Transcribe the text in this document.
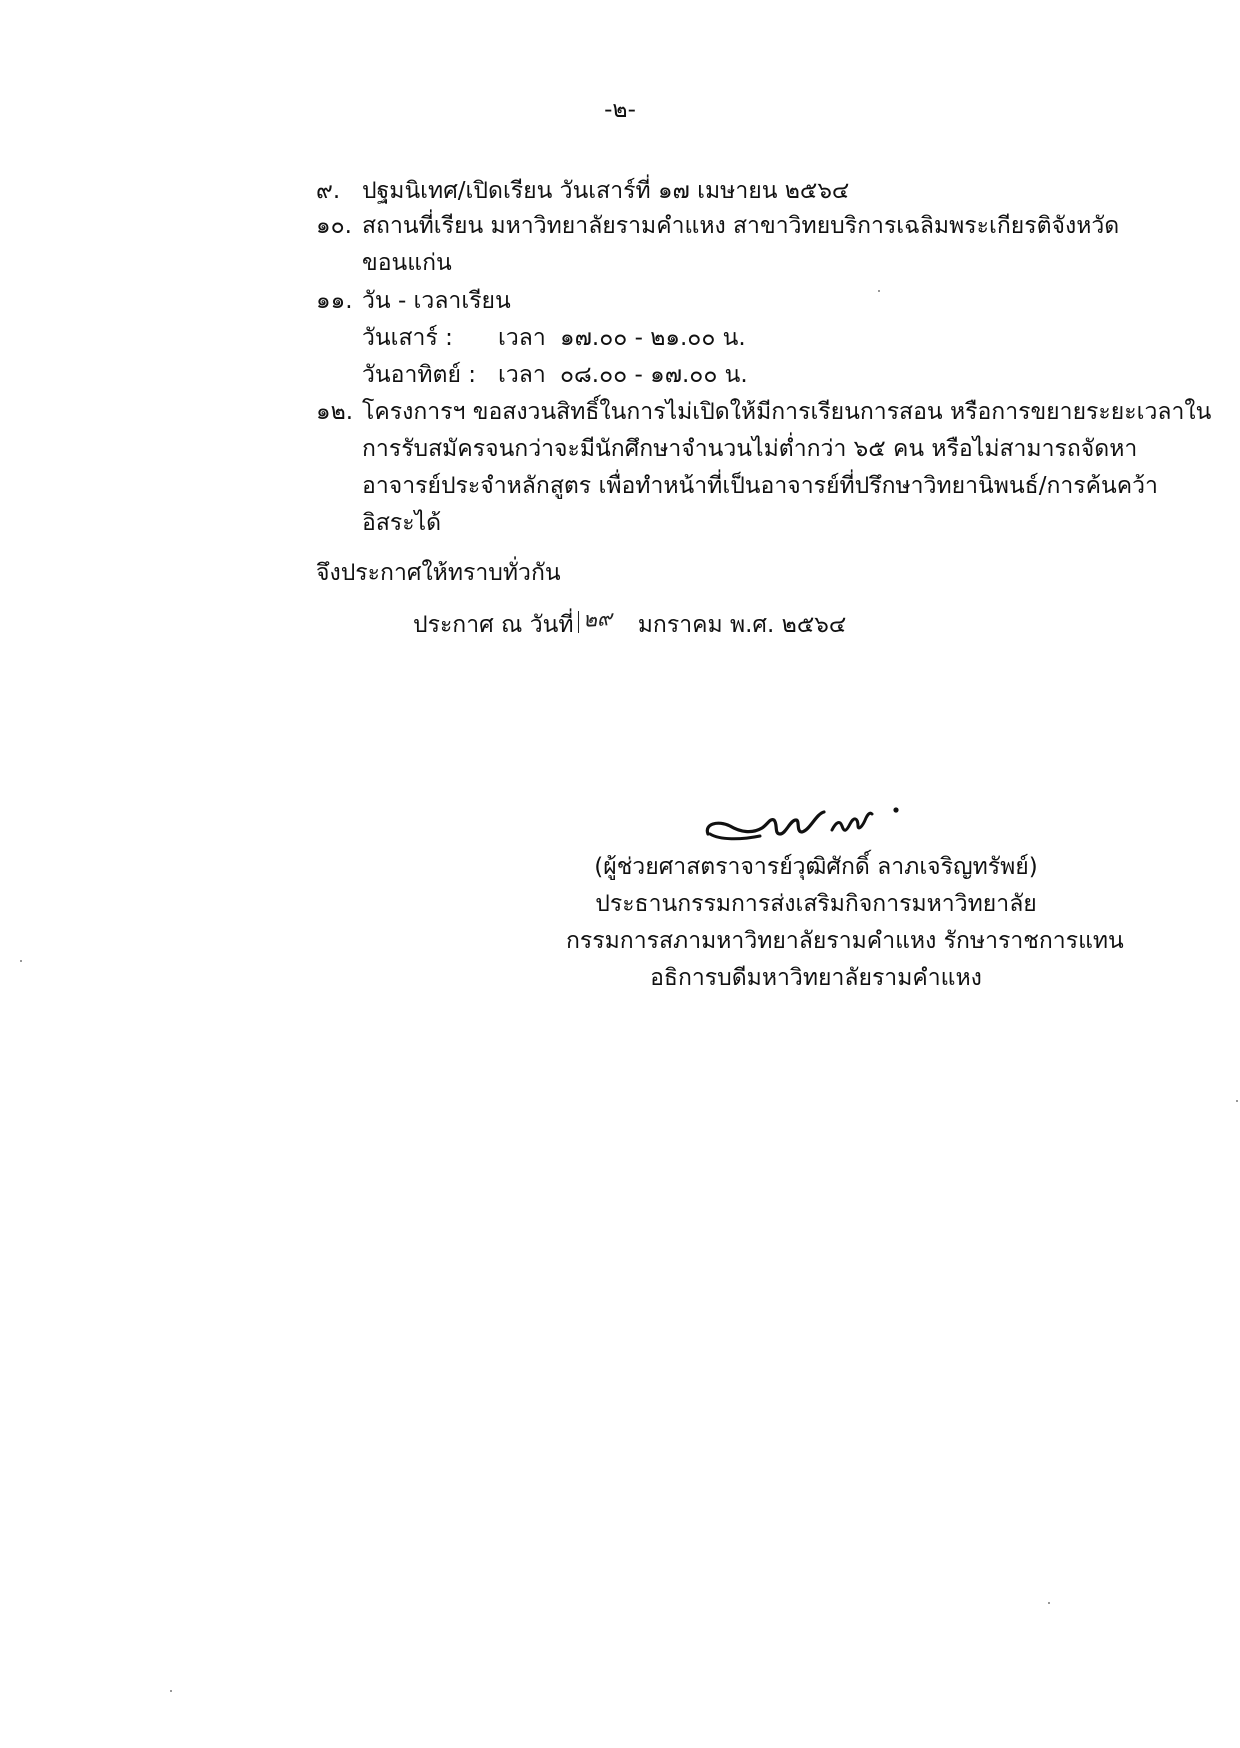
-๒-
๙. ปฐมนิเทศ/เปิดเรียน วันเสาร์ที่ ๑๗ เมษายน ๒๕๖๔
๑๐. สถานที่เรียน มหาวิทยาลัยรามคำแหง สาขาวิทยบริการเฉลิมพระเกียรติจังหวัด
ขอนแก่น
๑๑. วัน - เวลาเรียน
วันเสาร์ : เวลา ๑๗.๐๐ - ๒๑.๐๐ น.
วันอาทิตย์ : เวลา ๐๘.๐๐ - ๑๗.๐๐ น.
๑๒. โครงการฯ ขอสงวนสิทธิ์ในการไม่เปิดให้มีการเรียนการสอน หรือการขยายระยะเวลาใน
การรับสมัครจนกว่าจะมีนักศึกษาจำนวนไม่ต่ำกว่า ๖๕ คน หรือไม่สามารถจัดหา
อาจารย์ประจำหลักสูตร เพื่อทำหน้าที่เป็นอาจารย์ที่ปรึกษาวิทยานิพนธ์/การค้นคว้า
อิสระได้
จึงประกาศให้ทราบทั่วกัน
ประกาศ ณ วันที่ ๒๙ มกราคม พ.ศ. ๒๕๖๔
(ผู้ช่วยศาสตราจารย์วุฒิศักดิ์ ลาภเจริญทรัพย์)
ประธานกรรมการส่งเสริมกิจการมหาวิทยาลัย
กรรมการสภามหาวิทยาลัยรามคำแหง รักษาราชการแทน
อธิการบดีมหาวิทยาลัยรามคำแหง
